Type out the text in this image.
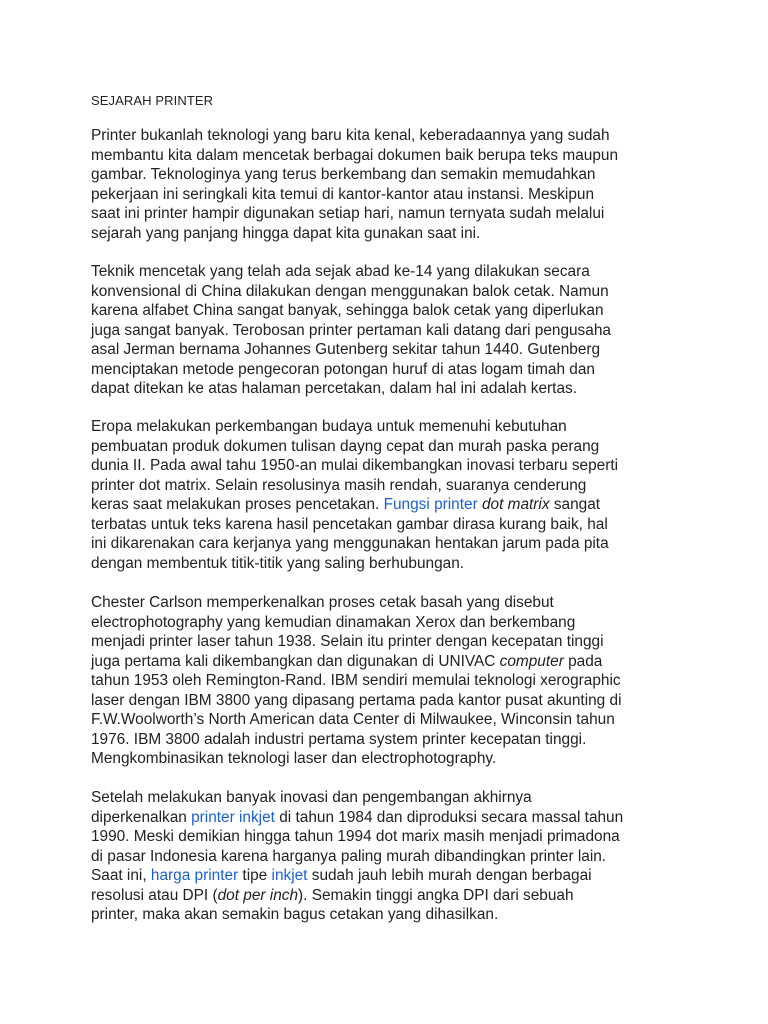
SEJARAH PRINTER
Printer bukanlah teknologi yang baru kita kenal, keberadaannya yang sudah
membantu kita dalam mencetak berbagai dokumen baik berupa teks maupun
gambar. Teknologinya yang terus berkembang dan semakin memudahkan
pekerjaan ini seringkali kita temui di kantor-kantor atau instansi. Meskipun
saat ini printer hampir digunakan setiap hari, namun ternyata sudah melalui
sejarah yang panjang hingga dapat kita gunakan saat ini.
Teknik mencetak yang telah ada sejak abad ke-14 yang dilakukan secara
konvensional di China dilakukan dengan menggunakan balok cetak. Namun
karena alfabet China sangat banyak, sehingga balok cetak yang diperlukan
juga sangat banyak. Terobosan printer pertaman kali datang dari pengusaha
asal Jerman bernama Johannes Gutenberg sekitar tahun 1440. Gutenberg
menciptakan metode pengecoran potongan huruf di atas logam timah dan
dapat ditekan ke atas halaman percetakan, dalam hal ini adalah kertas.
Eropa melakukan perkembangan budaya untuk memenuhi kebutuhan
pembuatan produk dokumen tulisan dayng cepat dan murah paska perang
dunia II. Pada awal tahu 1950-an mulai dikembangkan inovasi terbaru seperti
printer dot matrix. Selain resolusinya masih rendah, suaranya cenderung
keras saat melakukan proses pencetakan. Fungsi printer dot matrix sangat
terbatas untuk teks karena hasil pencetakan gambar dirasa kurang baik, hal
ini dikarenakan cara kerjanya yang menggunakan hentakan jarum pada pita
dengan membentuk titik-titik yang saling berhubungan.
Chester Carlson memperkenalkan proses cetak basah yang disebut
electrophotography yang kemudian dinamakan Xerox dan berkembang
menjadi printer laser tahun 1938. Selain itu printer dengan kecepatan tinggi
juga pertama kali dikembangkan dan digunakan di UNIVAC computer pada
tahun 1953 oleh Remington-Rand. IBM sendiri memulai teknologi xerographic
laser dengan IBM 3800 yang dipasang pertama pada kantor pusat akunting di
F.W.Woolworth’s North American data Center di Milwaukee, Winconsin tahun
1976. IBM 3800 adalah industri pertama system printer kecepatan tinggi.
Mengkombinasikan teknologi laser dan electrophotography.
Setelah melakukan banyak inovasi dan pengembangan akhirnya
diperkenalkan printer inkjet di tahun 1984 dan diproduksi secara massal tahun
1990. Meski demikian hingga tahun 1994 dot marix masih menjadi primadona
di pasar Indonesia karena harganya paling murah dibandingkan printer lain.
Saat ini, harga printer tipe inkjet sudah jauh lebih murah dengan berbagai
resolusi atau DPI (dot per inch). Semakin tinggi angka DPI dari sebuah
printer, maka akan semakin bagus cetakan yang dihasilkan.
